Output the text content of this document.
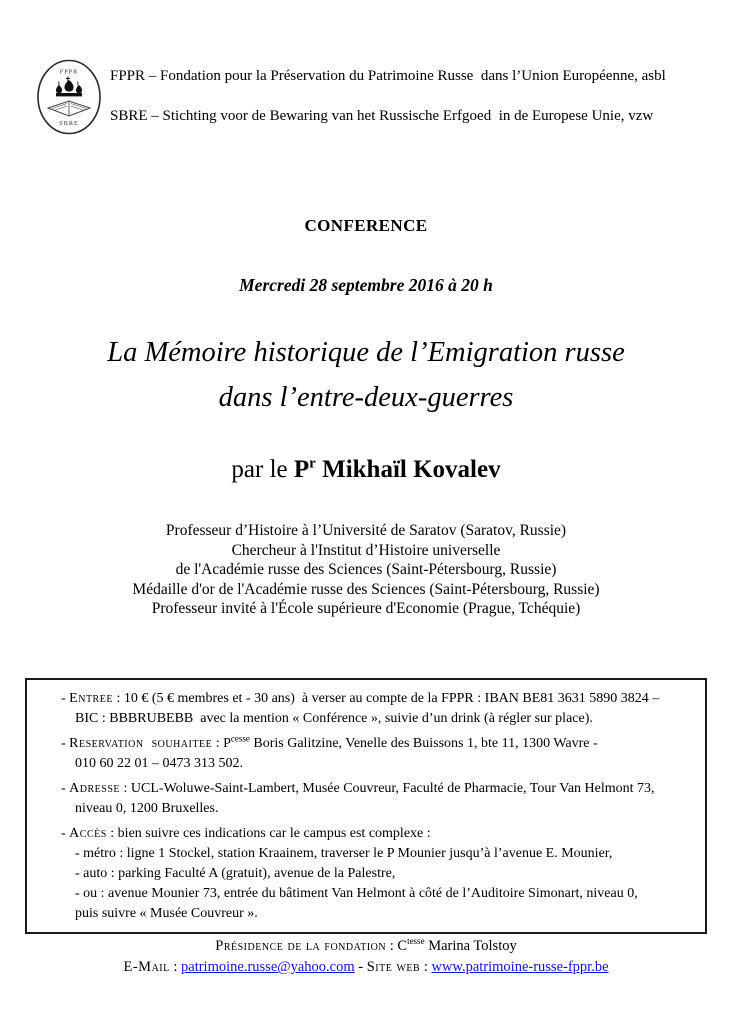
FPPR
SBRE
FPPR – Fondation pour la Préservation du Patrimoine Russe  dans l’Union Européenne, asbl
SBRE – Stichting voor de Bewaring van het Russische Erfgoed  in de Europese Unie, vzw
CONFERENCE
Mercredi 28 septembre 2016 à 20 h
La Mémoire historique de l’Emigration russe
dans l’entre-deux-guerres
par le $P^r$ Mikhaïl Kovalev
Professeur d’Histoire à l’Université de Saratov (Saratov, Russie)
Chercheur à l'Institut d’Histoire universelle
de l'Académie russe des Sciences (Saint-Pétersbourg, Russie)
Médaille d'or de l'Académie russe des Sciences (Saint-Pétersbourg, Russie)
Professeur invité à l'École supérieure d'Economie (Prague, Tchéquie)
- Entree : 10 € (5 € membres et - 30 ans)  à verser au compte de la FPPR : IBAN BE81 3631 5890 3824 –
BIC : BBBRUBEBB  avec la mention « Conférence », suivie d’un drink (à régler sur place).
- Reservation  souhaitee : $P^{cesse}$ Boris Galitzine, Venelle des Buissons 1, bte 11, 1300 Wavre -
010 60 22 01 – 0473 313 502.
- Adresse : UCL-Woluwe-Saint-Lambert, Musée Couvreur, Faculté de Pharmacie, Tour Van Helmont 73,
niveau 0, 1200 Bruxelles.
- Accès : bien suivre ces indications car le campus est complexe :
- métro : ligne 1 Stockel, station Kraainem, traverser le P Mounier jusqu’à l’avenue E. Mounier,
- auto : parking Faculté A (gratuit), avenue de la Palestre,
- ou : avenue Mounier 73, entrée du bâtiment Van Helmont à côté de l’Auditoire Simonart, niveau 0,
puis suivre « Musée Couvreur ».
Présidence de la fondation : $C^{tesse}$ Marina Tolstoy
E-Mail : patrimoine.russe@yahoo.com - Site web : www.patrimoine-russe-fppr.be
